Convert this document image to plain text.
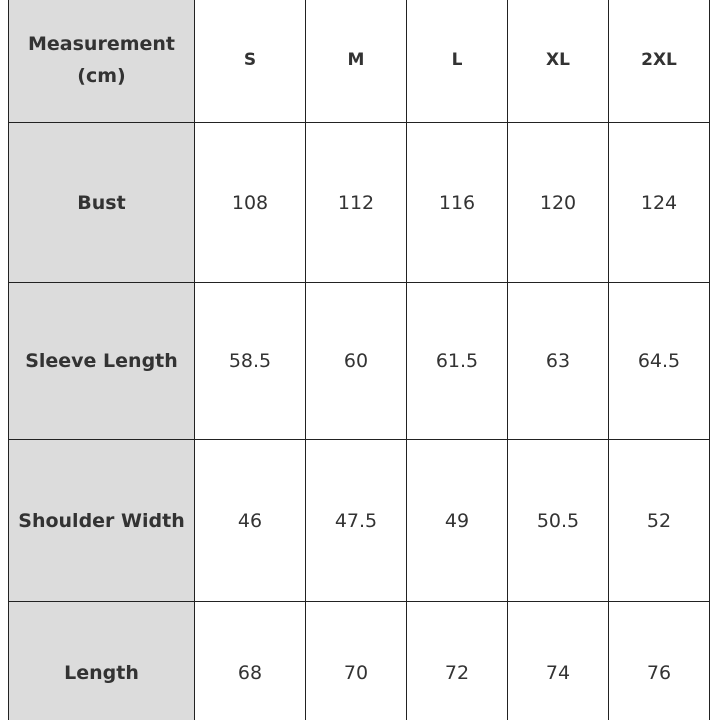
Measurement (cm)	S	M	L	XL	2XL
Bust	108	112	116	120	124
Sleeve Length	58.5	60	61.5	63	64.5
Shoulder Width	46	47.5	49	50.5	52
Length	68	70	72	74	76
